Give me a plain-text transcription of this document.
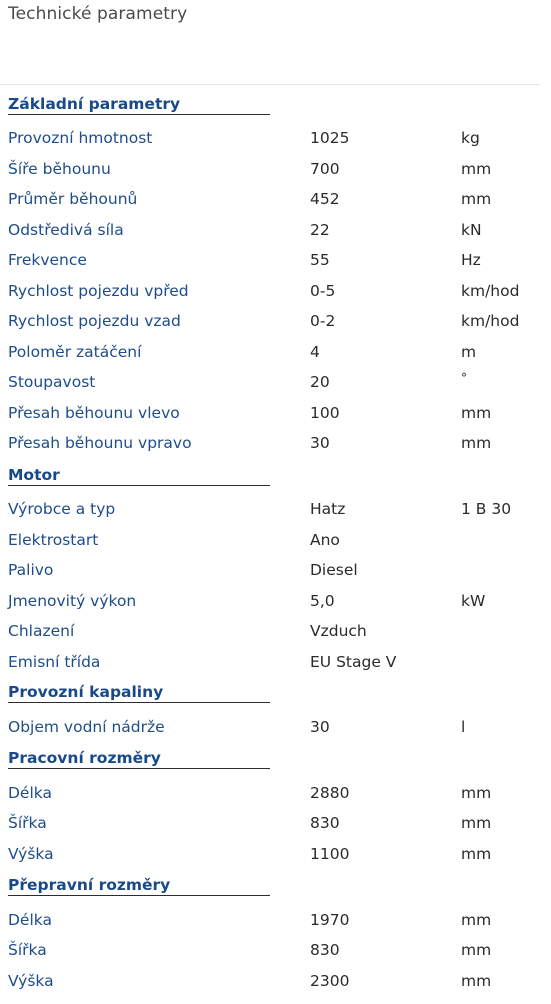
Technické parametry
Základní parametry
Provozní hmotnost	1025	kg
Šíře běhounu	700	mm
Průměr běhounů	452	mm
Odstředivá síla	22	kN
Frekvence	55	Hz
Rychlost pojezdu vpřed	0-5	km/hod
Rychlost pojezdu vzad	0-2	km/hod
Poloměr zatáčení	4	m
Stoupavost	20	°
Přesah běhounu vlevo	100	mm
Přesah běhounu vpravo	30	mm
Motor
Výrobce a typ	Hatz	1 B 30
Elektrostart	Ano
Palivo	Diesel
Jmenovitý výkon	5,0	kW
Chlazení	Vzduch
Emisní třída	EU Stage V
Provozní kapaliny
Objem vodní nádrže	30	l
Pracovní rozměry
Délka	2880	mm
Šířka	830	mm
Výška	1100	mm
Přepravní rozměry
Délka	1970	mm
Šířka	830	mm
Výška	2300	mm
